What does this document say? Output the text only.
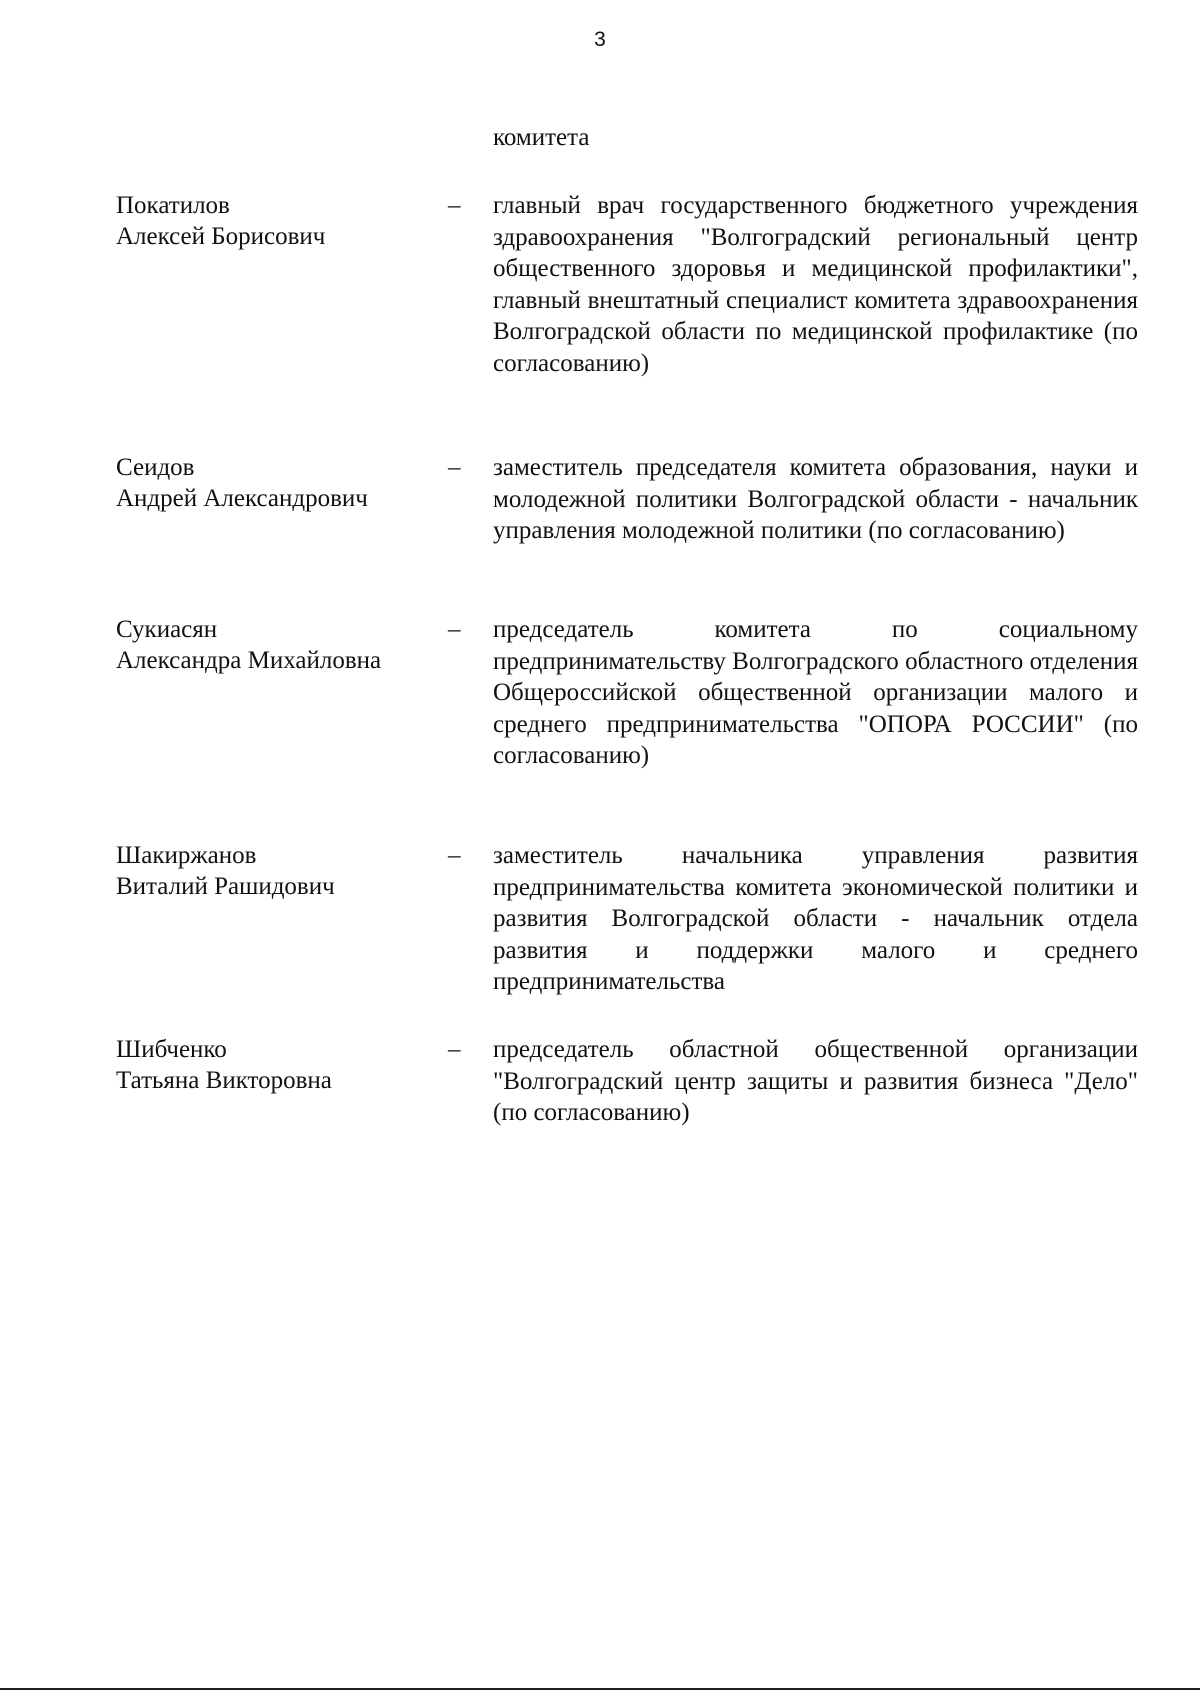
3
комитета
Покатилов
Алексей Борисович
– главный врач государственного бюджетного учреждения здравоохранения "Волгоградский региональный центр общественного здоровья и медицинской профилактики", главный внештатный специалист комитета здравоохранения Волгоградской области по медицинской профилактике (по согласованию)
Сеидов
Андрей Александрович
– заместитель председателя комитета образования, науки и молодежной политики Волгоградской области - начальник управления молодежной политики (по согласованию)
Сукиасян
Александра Михайловна
– председатель комитета по социальному предпринимательству Волгоградского областного отделения Общероссийской общественной организации малого и среднего предпринимательства "ОПОРА РОССИИ" (по согласованию)
Шакиржанов
Виталий Рашидович
– заместитель начальника управления развития предпринимательства комитета экономической политики и развития Волгоградской области - начальник отдела развития и поддержки малого и среднего предпринимательства
Шибченко
Татьяна Викторовна
– председатель областной общественной организации "Волгоградский центр защиты и развития бизнеса "Дело" (по согласованию)
